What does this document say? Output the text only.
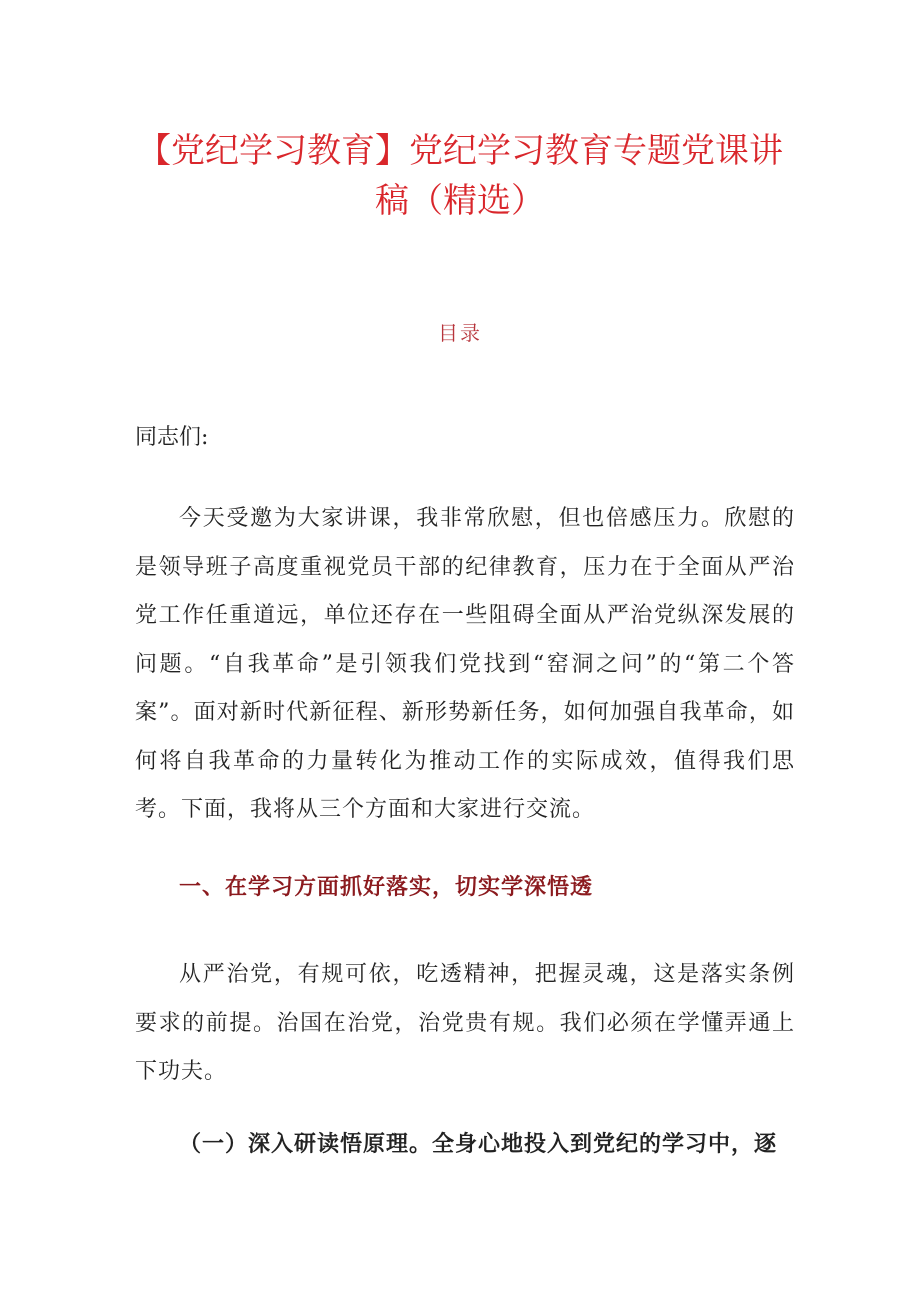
【党纪学习教育】党纪学习教育专题党课讲稿（精选）
目录
同志们:

今天受邀为大家讲课，我非常欣慰，但也倍感压力。欣慰的是领导班子高度重视党员干部的纪律教育，压力在于全面从严治党工作任重道远，单位还存在一些阻碍全面从严治党纵深发展的问题。“自我革命”是引领我们党找到“窑洞之问”的“第二个答案”。面对新时代新征程、新形势新任务，如何加强自我革命，如何将自我革命的力量转化为推动工作的实际成效，值得我们思考。下面，我将从三个方面和大家进行交流。

一、在学习方面抓好落实，切实学深悟透

从严治党，有规可依，吃透精神，把握灵魂，这是落实条例要求的前提。治国在治党，治党贵有规。我们必须在学懂弄通上下功夫。

（一）深入研读悟原理。全身心地投入到党纪的学习中，逐
